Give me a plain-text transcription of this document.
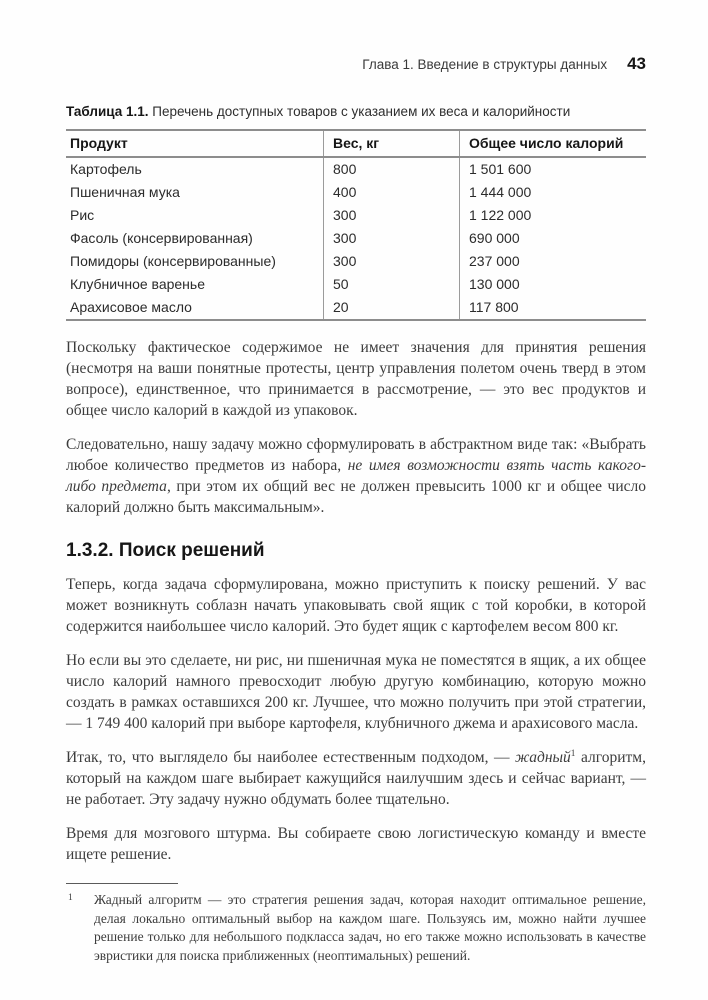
Глава 1. Введение в структуры данных 43
Таблица 1.1. Перечень доступных товаров с указанием их веса и калорийности
Продукт	Вес, кг	Общее число калорий
Картофель	800	1 501 600
Пшеничная мука	400	1 444 000
Рис	300	1 122 000
Фасоль (консервированная)	300	690 000
Помидоры (консервированные)	300	237 000
Клубничное варенье	50	130 000
Арахисовое масло	20	117 800

Поскольку фактическое содержимое не имеет значения для принятия решения (несмотря на ваши понятные протесты, центр управления полетом очень тверд в этом вопросе), единственное, что принимается в рассмотрение, — это вес продуктов и общее число калорий в каждой из упаковок.

Следовательно, нашу задачу можно сформулировать в абстрактном виде так: «Выбрать любое количество предметов из набора, не имея возможности взять часть какого-либо предмета, при этом их общий вес не должен превысить 1000 кг и общее число калорий должно быть максимальным».

1.3.2. Поиск решений

Теперь, когда задача сформулирована, можно приступить к поиску решений. У вас может возникнуть соблазн начать упаковывать свой ящик с той коробки, в которой содержится наибольшее число калорий. Это будет ящик с картофелем весом 800 кг.

Но если вы это сделаете, ни рис, ни пшеничная мука не поместятся в ящик, а их общее число калорий намного превосходит любую другую комбинацию, которую можно создать в рамках оставшихся 200 кг. Лучшее, что можно получить при этой стратегии, — 1 749 400 калорий при выборе картофеля, клубничного джема и арахисового масла.

Итак, то, что выглядело бы наиболее естественным подходом, — жадный$^1$ алгоритм, который на каждом шаге выбирает кажущийся наилучшим здесь и сейчас вариант, — не работает. Эту задачу нужно обдумать более тщательно.

Время для мозгового штурма. Вы собираете свою логистическую команду и вместе ищете решение.

1 Жадный алгоритм — это стратегия решения задач, которая находит оптимальное решение, делая локально оптимальный выбор на каждом шаге. Пользуясь им, можно найти лучшее решение только для небольшого подкласса задач, но его также можно использовать в качестве эвристики для поиска приближенных (неоптимальных) решений.
